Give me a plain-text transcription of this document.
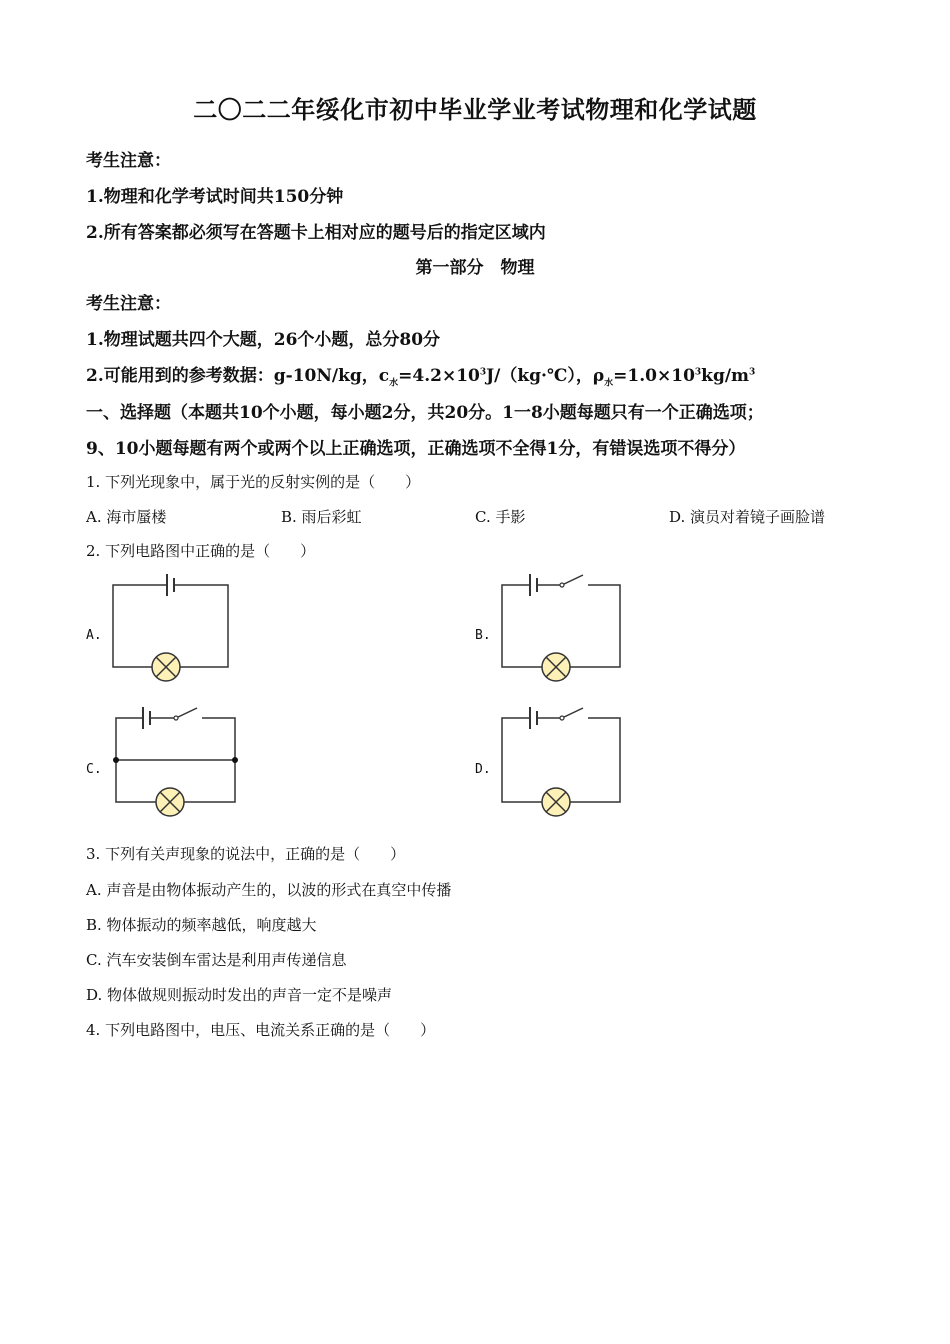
二〇二二年绥化市初中毕业学业考试物理和化学试题
考生注意：
1.物理和化学考试时间共150分钟
2.所有答案都必须写在答题卡上相对应的题号后的指定区域内
第一部分　物理
考生注意：
1.物理试题共四个大题，26个小题，总分80分
2.可能用到的参考数据：g-10N/kg，$c_水=4.2\times 10^3J/(kg\cdot℃)$，$\rho_水=1.0\times 10^3kg/m^3$
一、选择题（本题共10个小题，每小题2分，共20分。1一8小题每题只有一个正确选项；
9、10小题每题有两个或两个以上正确选项，正确选项不全得1分，有错误选项不得分）
1. 下列光现象中，属于光的反射实例的是（　　）
A. 海市蜃楼	B. 雨后彩虹	C. 手影	D. 演员对着镜子画脸谱
2. 下列电路图中正确的是（　　）
A.	B.
C.	D.
3. 下列有关声现象的说法中，正确的是（　　）
A. 声音是由物体振动产生的，以波的形式在真空中传播
B. 物体振动的频率越低，响度越大
C. 汽车安装倒车雷达是利用声传递信息
D. 物体做规则振动时发出的声音一定不是噪声
4. 下列电路图中，电压、电流关系正确的是（　　）
